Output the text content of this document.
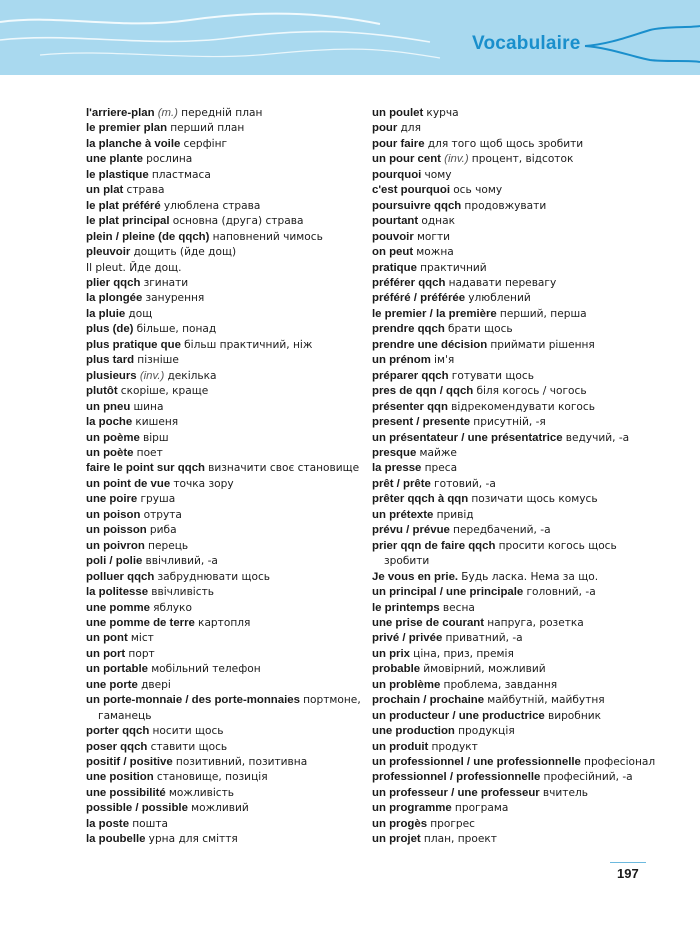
Vocabulaire
l'arriere-plan (m.) передній план
le premier plan перший план
la planche à voile серфінг
une plante рослина
le plastique пластмаса
un plat страва
le plat préféré улюблена страва
le plat principal основна (друга) страва
plein / pleine (de qqch) наповнений чимось
pleuvoir дощить (йде дощ)
Il pleut. Йде дощ.
plier qqch згинати
la plongée занурення
la pluie дощ
plus (de) більше, понад
plus pratique que більш практичний, ніж
plus tard пізніше
plusieurs (inv.) декілька
plutôt скоріше, краще
un pneu шина
la poche кишеня
un poème вірш
un poète поет
faire le point sur qqch визначити своє становище
un point de vue точка зору
une poire груша
un poison отрута
un poisson риба
un poivron перець
poli / polie ввічливий, -а
polluer qqch забруднювати щось
la politesse ввічливість
une pomme яблуко
une pomme de terre картопля
un pont міст
un port порт
un portable мобільний телефон
une porte двері
un porte-monnaie / des porte-monnaies портмоне,
гаманець
porter qqch носити щось
poser qqch ставити щось
positif / positive позитивний, позитивна
une position становище, позиція
une possibilité можливість
possible / possible можливий
la poste пошта
la poubelle урна для сміття
un poulet курча
pour для
pour faire для того щоб щось зробити
un pour cent (inv.) процент, відсоток
pourquoi чому
c'est pourquoi ось чому
poursuivre qqch продовжувати
pourtant однак
pouvoir могти
on peut можна
pratique практичний
préférer qqch надавати перевагу
préféré / préférée улюблений
le premier / la première перший, перша
prendre qqch брати щось
prendre une décision приймати рішення
un prénom ім'я
préparer qqch готувати щось
pres de qqn / qqch біля когось / чогось
présenter qqn відрекомендувати когось
present / presente присутній, -я
un présentateur / une présentatrice ведучий, -а
presque майже
la presse преса
prêt / prête готовий, -а
prêter qqch à qqn позичати щось комусь
un prétexte привід
prévu / prévue передбачений, -а
prier qqn de faire qqch просити когось щось
зробити
Je vous en prie. Будь ласка. Нема за що.
un principal / une principale головний, -а
le printemps весна
une prise de courant напруга, розетка
privé / privée приватний, -а
un prix ціна, приз, премія
probable ймовірний, можливий
un problème проблема, завдання
prochain / prochaine майбутній, майбутня
un producteur / une productrice виробник
une production продукція
un produit продукт
un professionnel / une professionnelle професіонал
professionnel / professionnelle професійний, -а
un professeur / une professeur вчитель
un programme програма
un progès прогрес
un projet план, проект
197
